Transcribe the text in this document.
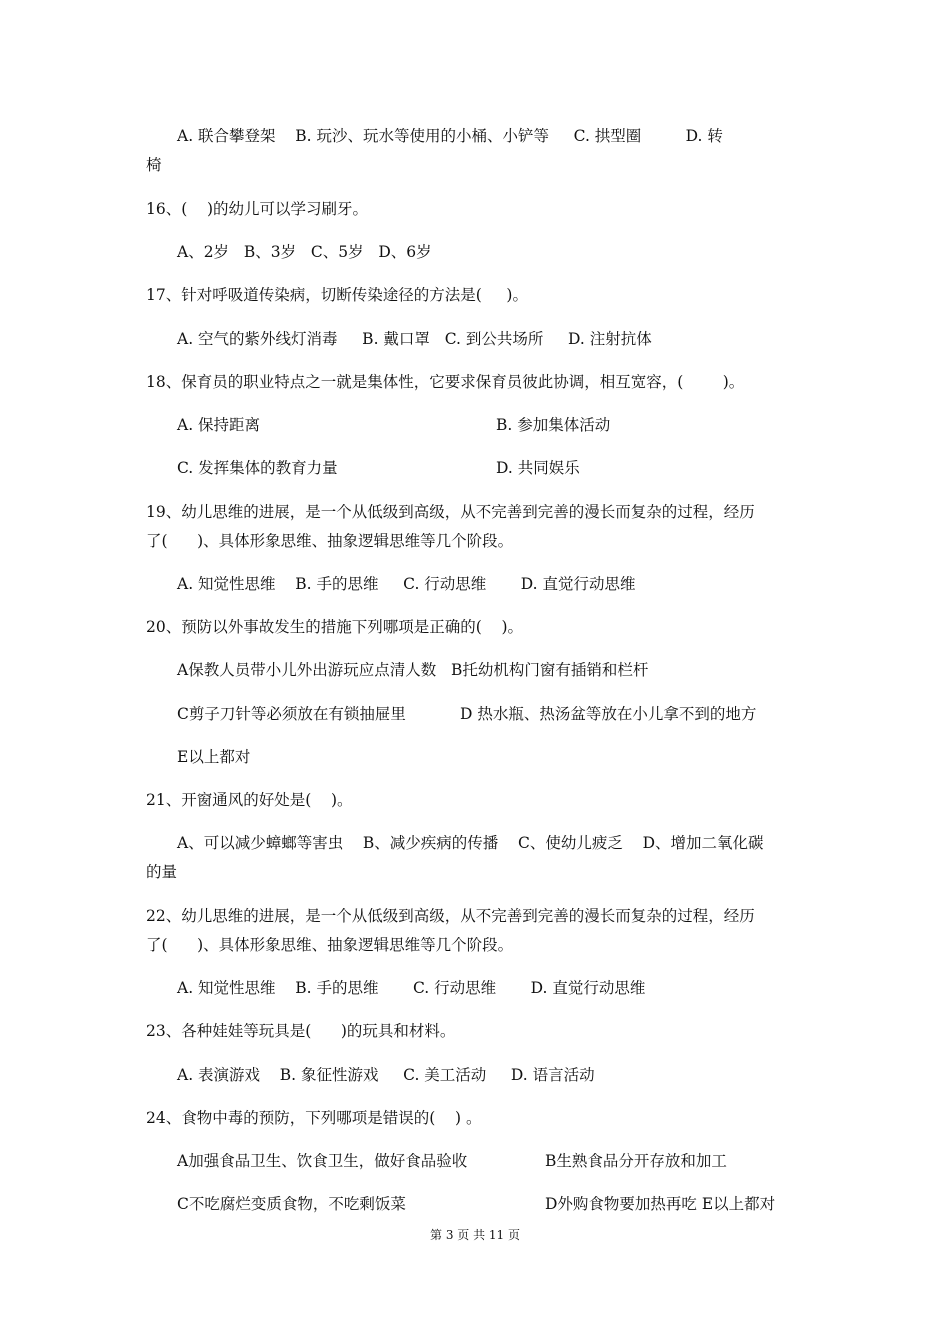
A. 联合攀登架    B. 玩沙、玩水等使用的小桶、小铲等     C. 拱型圈         D. 转
椅
16、(    )的幼儿可以学习刷牙。
A、2岁   B、3岁   C、5岁   D、6岁
17、针对呼吸道传染病，切断传染途径的方法是(     )。
A. 空气的紫外线灯消毒     B. 戴口罩   C. 到公共场所     D. 注射抗体
18、保育员的职业特点之一就是集体性，它要求保育员彼此协调，相互宽容，(        )。
A. 保持距离	B. 参加集体活动
C. 发挥集体的教育力量	D. 共同娱乐
19、幼儿思维的进展，是一个从低级到高级，从不完善到完善的漫长而复杂的过程，经历
了(      )、具体形象思维、抽象逻辑思维等几个阶段。
A. 知觉性思维    B. 手的思维     C. 行动思维       D. 直觉行动思维
20、预防以外事故发生的措施下列哪项是正确的(    )。
A保教人员带小儿外出游玩应点清人数   B托幼机构门窗有插销和栏杆
C剪子刀针等必须放在有锁抽屉里           D 热水瓶、热汤盆等放在小儿拿不到的地方
E以上都对
21、开窗通风的好处是(    )。
A、可以减少蟑螂等害虫    B、减少疾病的传播    C、使幼儿疲乏    D、增加二氧化碳
的量
22、幼儿思维的进展，是一个从低级到高级，从不完善到完善的漫长而复杂的过程，经历
了(      )、具体形象思维、抽象逻辑思维等几个阶段。
A. 知觉性思维    B. 手的思维       C. 行动思维       D. 直觉行动思维
23、各种娃娃等玩具是(      )的玩具和材料。
A. 表演游戏    B. 象征性游戏     C. 美工活动     D. 语言活动
24、食物中毒的预防，下列哪项是错误的(    ) 。
A加强食品卫生、饮食卫生，做好食品验收	B生熟食品分开存放和加工
C不吃腐烂变质食物，不吃剩饭菜	D外购食物要加热再吃 E以上都对
第 3 页 共 11 页
